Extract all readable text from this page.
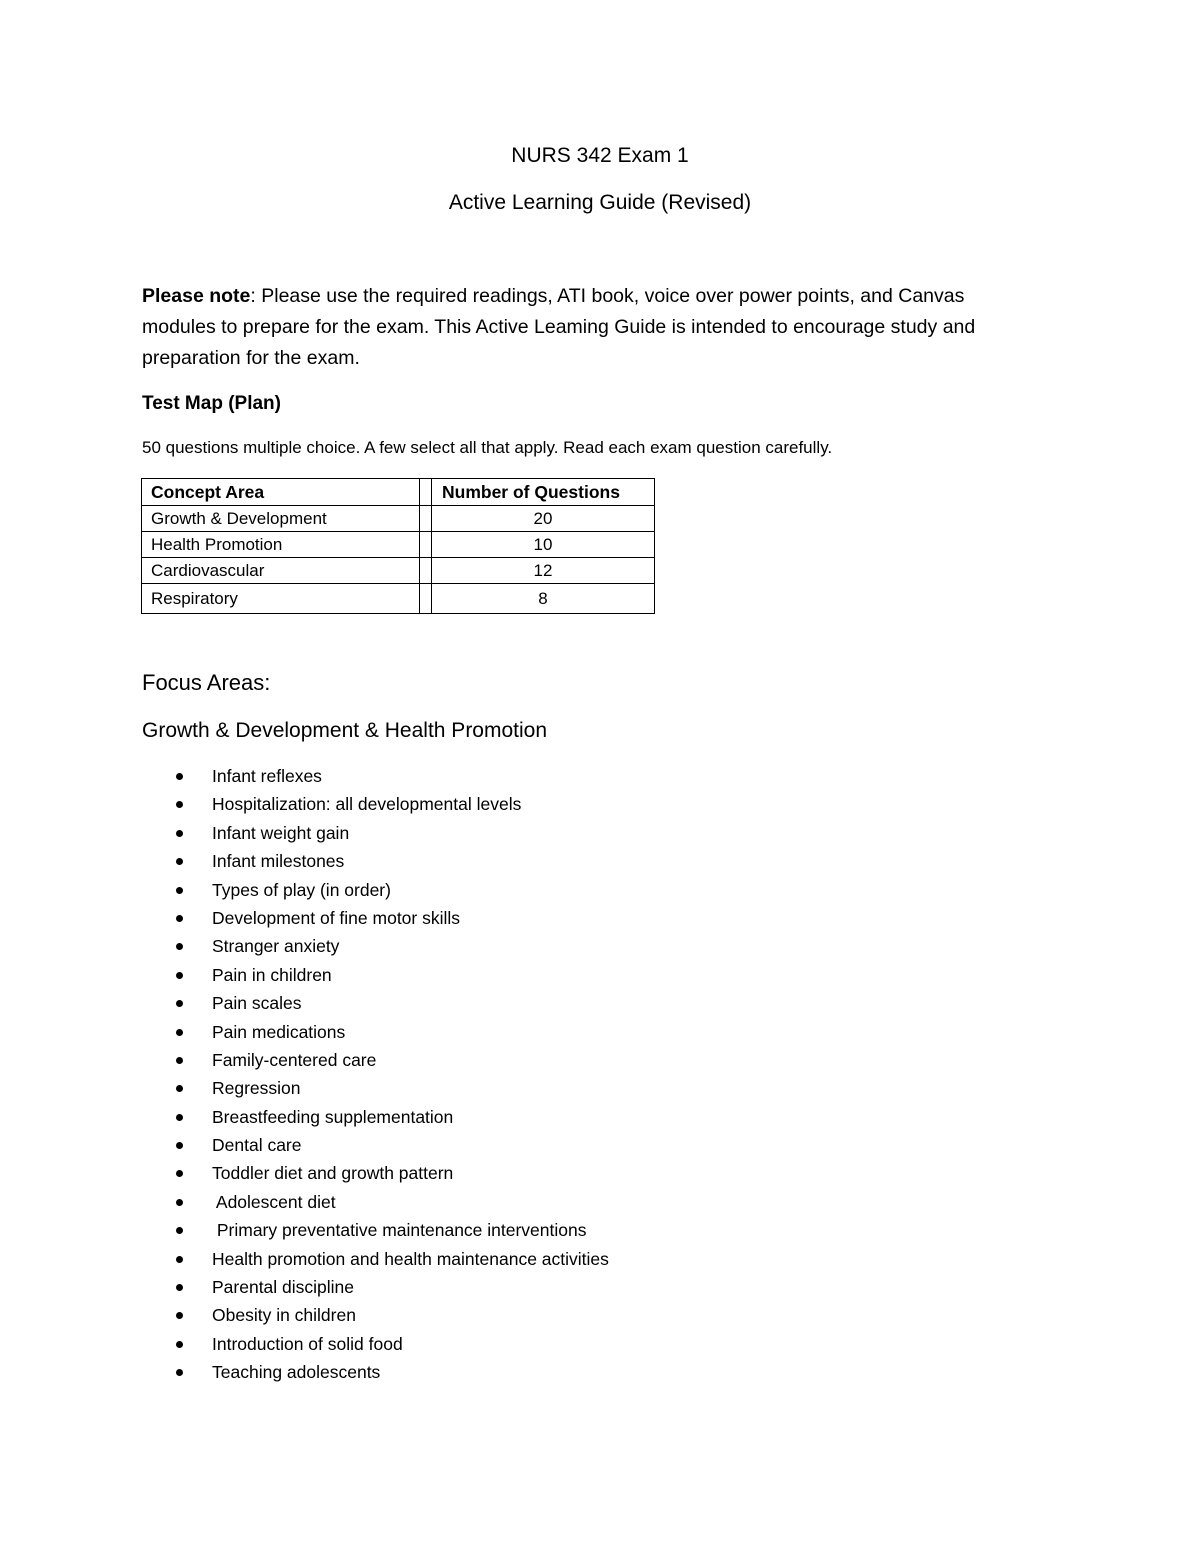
NURS 342 Exam 1
Active Learning Guide (Revised)
Please note: Please use the required readings, ATI book, voice over power points, and Canvas modules to prepare for the exam. This Active Leaming Guide is intended to encourage study and preparation for the exam.
Test Map (Plan)
50 questions multiple choice. A few select all that apply. Read each exam question carefully.
Concept Area		Number of Questions
Growth & Development		20
Health Promotion		10
Cardiovascular		12
Respiratory		8
Focus Areas:
Growth & Development & Health Promotion
Infant reflexes
Hospitalization: all developmental levels
Infant weight gain
Infant milestones
Types of play (in order)
Development of fine motor skills
Stranger anxiety
Pain in children
Pain scales
Pain medications
Family-centered care
Regression
Breastfeeding supplementation
Dental care
Toddler diet and growth pattern
Adolescent diet
Primary preventative maintenance interventions
Health promotion and health maintenance activities
Parental discipline
Obesity in children
Introduction of solid food
Teaching adolescents
